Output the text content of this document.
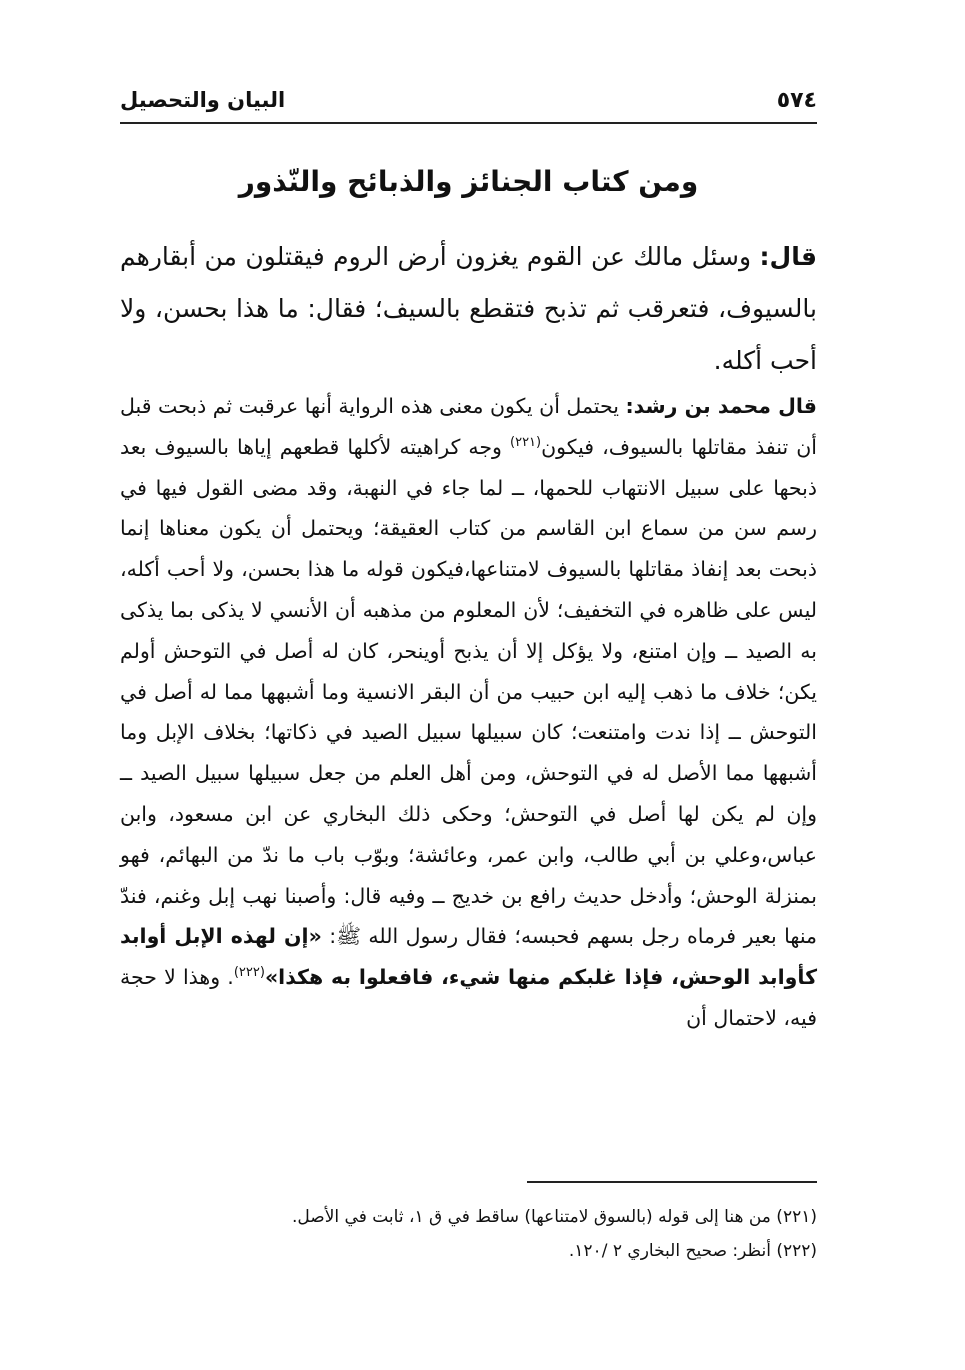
٥٧٤
البيان والتحصيل
ومن كتاب الجنائز والذبائح والنّذور

قال: وسئل مالك عن القوم يغزون أرض الروم فيقتلون من أبقارهم بالسيوف، فتعرقب ثم تذبح فتقطع بالسيف؛ فقال: ما هذا بحسن، ولا أحب أكله.

قال محمد بن رشد: يحتمل أن يكون معنى هذه الرواية أنها عرقبت ثم ذبحت قبل أن تنفذ مقاتلها بالسيوف، فيكون$^{(٢٢١)}$ وجه كراهيته لأكلها قطعهم إياها بالسيوف بعد ذبحها على سبيل الانتهاب للحمها، ــ لما جاء في النهبة، وقد مضى القول فيها في رسم سن من سماع ابن القاسم من كتاب العقيقة؛ ويحتمل أن يكون معناها إنما ذبحت بعد إنفاذ مقاتلها بالسيوف لامتناعها،فيكون قوله ما هذا بحسن، ولا أحب أكله، ليس على ظاهره في التخفيف؛ لأن المعلوم من مذهبه أن الأنسي لا يذكى بما يذكى به الصيد ــ وإن امتنع، ولا يؤكل إلا أن يذبح أوينحر، كان له أصل في التوحش أولم يكن؛ خلاف ما ذهب إليه ابن حبيب من أن البقر الانسية وما أشبهها مما له أصل في التوحش ــ إذا ندت وامتنعت؛ كان سبيلها سبيل الصيد في ذكاتها؛ بخلاف الإبل وما أشبهها مما الأصل له في التوحش، ومن أهل العلم من جعل سبيلها سبيل الصيد ــ وإن لم يكن لها أصل في التوحش؛ وحكى ذلك البخاري عن ابن مسعود، وابن عباس،وعلي بن أبي طالب، وابن عمر، وعائشة؛ وبوّب باب ما ندّ من البهائم، فهو بمنزلة الوحش؛ وأدخل حديث رافع بن خديج ــ وفيه قال: وأصبنا نهب إبل وغنم، فندّ منها بعير فرماه رجل بسهم فحبسه؛ فقال رسول الله ﷺ: «إن لهذه الإبل أوابد كأوابد الوحش، فإذا غلبكم منها شيء، فافعلوا به هكذا»$^{(٢٢٢)}$. وهذا لا حجة فيه، لاحتمال أن

(٢٢١) من هنا إلى قوله (بالسوق لامتناعها) ساقط في ق ١، ثابت في الأصل.

(٢٢٢) أنظر: صحيح البخاري ٢ /١٢٠.
